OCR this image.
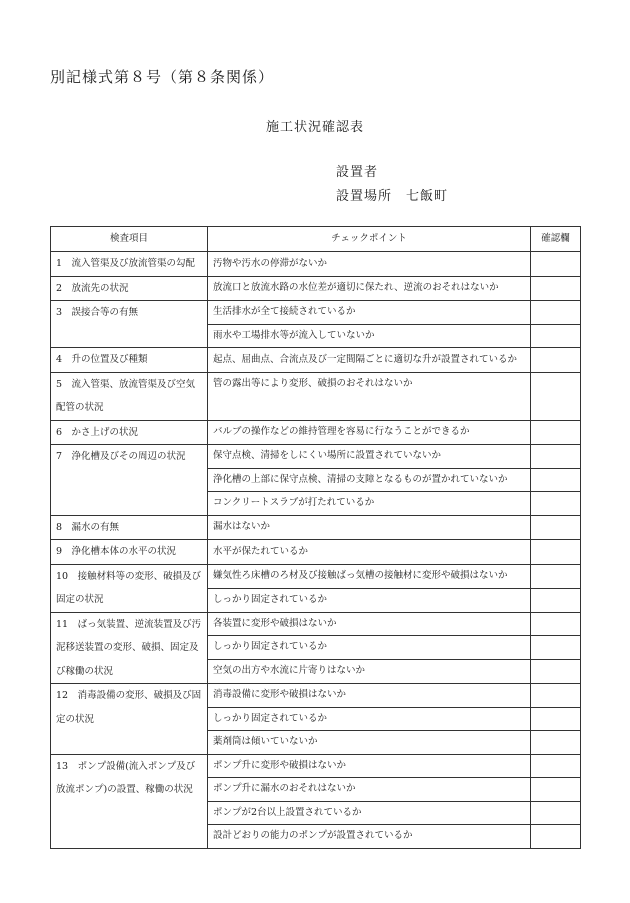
別記様式第８号（第８条関係）
施工状況確認表
設置者
設置場所 七飯町
検査項目	チェックポイント	確認欄
1　流入管渠及び放流管渠の勾配	汚物や汚水の停滞がないか	
2　放流先の状況	放流口と放流水路の水位差が適切に保たれ、逆流のおそれはないか	
3　誤接合等の有無	生活排水が全て接続されているか	
	雨水や工場排水等が流入していないか	
4　升の位置及び種類	起点、屈曲点、合流点及び一定間隔ごとに適切な升が設置されているか	
5　流入管渠、放流管渠及び空気配管の状況	管の露出等により変形、破損のおそれはないか	

6　かさ上げの状況	バルブの操作などの維持管理を容易に行なうことができるか	
7　浄化槽及びその周辺の状況	保守点検、清掃をしにくい場所に設置されていないか	
	浄化槽の上部に保守点検、清掃の支障となるものが置かれていないか	
	コンクリートスラブが打たれているか	
8　漏水の有無	漏水はないか	
9　浄化槽本体の水平の状況	水平が保たれているか	
10　接触材料等の変形、破損及び固定の状況	嫌気性ろ床槽のろ材及び接触ばっ気槽の接触材に変形や破損はないか	
	しっかり固定されているか	
11　ばっ気装置、逆流装置及び汚泥移送装置の変形、破損、固定及び稼働の状況	各装置に変形や破損はないか	
	しっかり固定されているか	
	空気の出方や水流に片寄りはないか	
12　消毒設備の変形、破損及び固定の状況	消毒設備に変形や破損はないか	
	しっかり固定されているか	
	薬剤筒は傾いていないか	
13　ポンプ設備(流入ポンプ及び放流ポンプ)の設置、稼働の状況	ポンプ升に変形や破損はないか	
	ポンプ升に漏水のおそれはないか	
	ポンプが2台以上設置されているか	
	設計どおりの能力のポンプが設置されているか	
